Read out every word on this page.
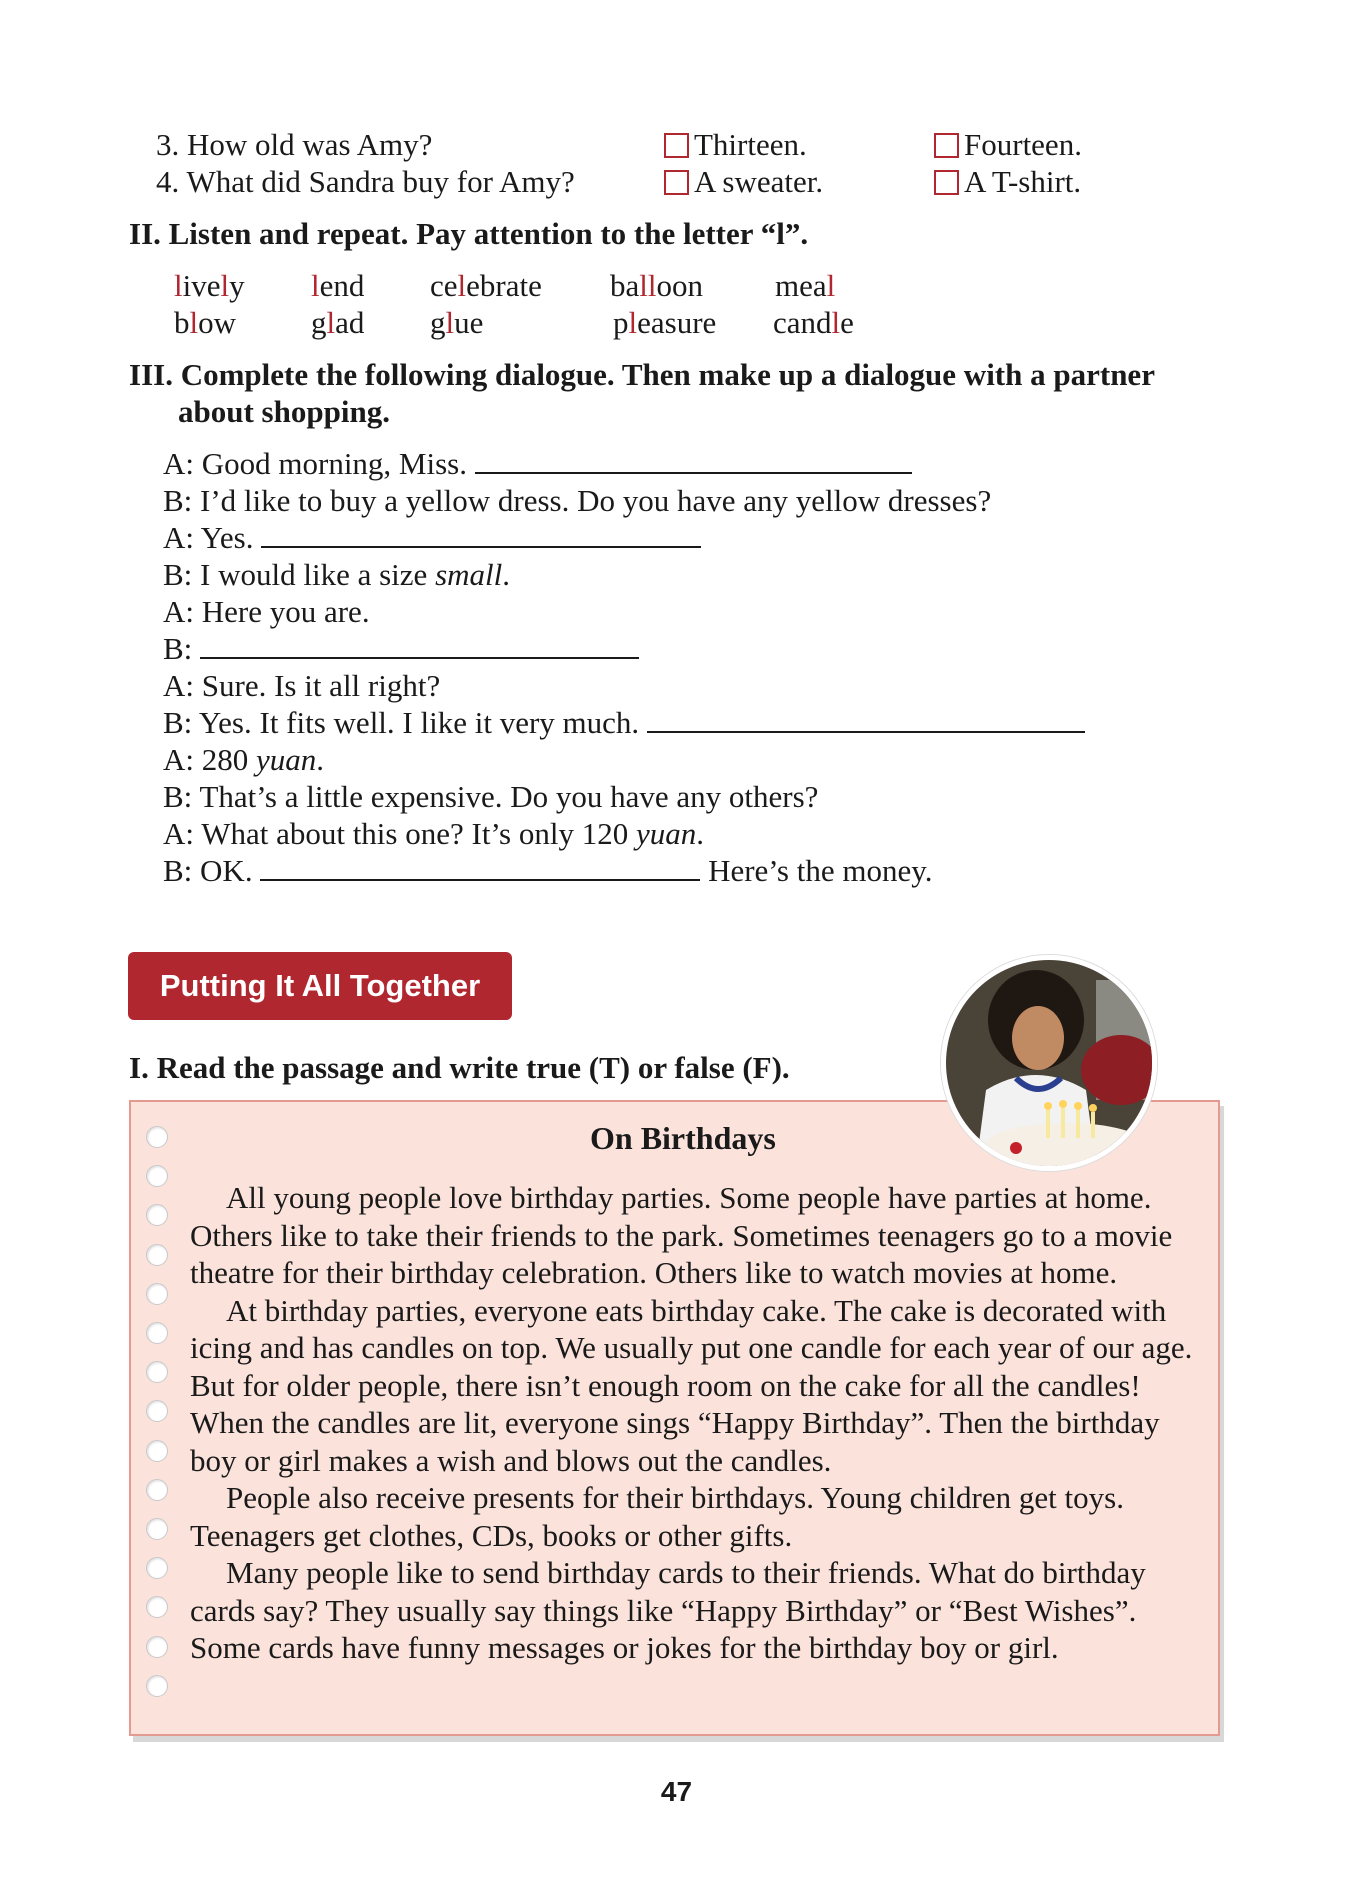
3. How old was Amy?	Thirteen.	Fourteen.
4. What did Sandra buy for Amy?	A sweater.	A T-shirt.
II. Listen and repeat. Pay attention to the letter “l”.
lively lend celebrate balloon meal
blow glad glue	pleasure candle
III. Complete the following dialogue. Then make up a dialogue with a partner
about shopping.
A: Good morning, Miss.
B: I’d like to buy a yellow dress. Do you have any yellow dresses?
A: Yes.
B: I would like a size small.
A: Here you are.
B:
A: Sure. Is it all right?
B: Yes. It fits well. I like it very much.
A: 280 yuan.
B: That’s a little expensive. Do you have any others?
A: What about this one? It’s only 120 yuan.
B: OK.	Here’s the money.
Putting It All Together
I. Read the passage and write true (T) or false (F).
On Birthdays

All young people love birthday parties. Some people have parties at home. Others like to take their friends to the park. Sometimes teenagers go to a movie theatre for their birthday celebration. Others like to watch movies at home.

At birthday parties, everyone eats birthday cake. The cake is decorated with icing and has candles on top. We usually put one candle for each year of our age. But for older people, there isn’t enough room on the cake for all the candles! When the candles are lit, everyone sings “Happy Birthday”. Then the birthday boy or girl makes a wish and blows out the candles.

People also receive presents for their birthdays. Young children get toys. Teenagers get clothes, CDs, books or other gifts.

Many people like to send birthday cards to their friends. What do birthday cards say? They usually say things like “Happy Birthday” or “Best Wishes”. Some cards have funny messages or jokes for the birthday boy or girl.

47
